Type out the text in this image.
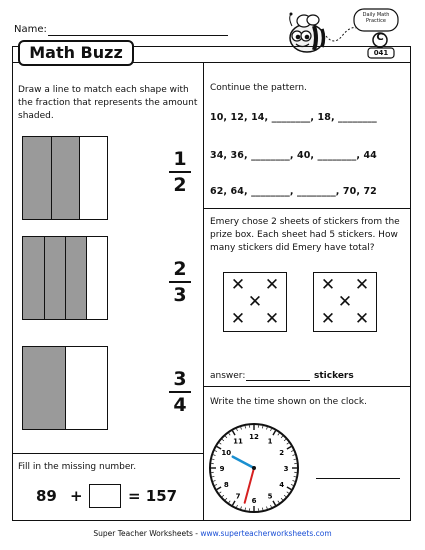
Name:
Daily Math Practice
C
041
Math Buzz
Draw a line to match each shape with the fraction that represents the amount shaded.
1
2
2
3
3
4
Fill in the missing number.
89 +	= 157
Continue the pattern.
10, 12, 14, ________, 18, ________
34, 36, ________, 40, ________, 44
62, 64, ________, ________, 70, 72
Emery chose 2 sheets of stickers from the prize box. Each sheet had 5 stickers. How many stickers did Emery have total?
✕ ✕
✕
✕ ✕
✕ ✕
✕
✕ ✕
answer:	stickers
Write the time shown on the clock.
12
1
2
3
4
5
6
7
8
9
10
11
Super Teacher Worksheets - www.superteacherworksheets.com
